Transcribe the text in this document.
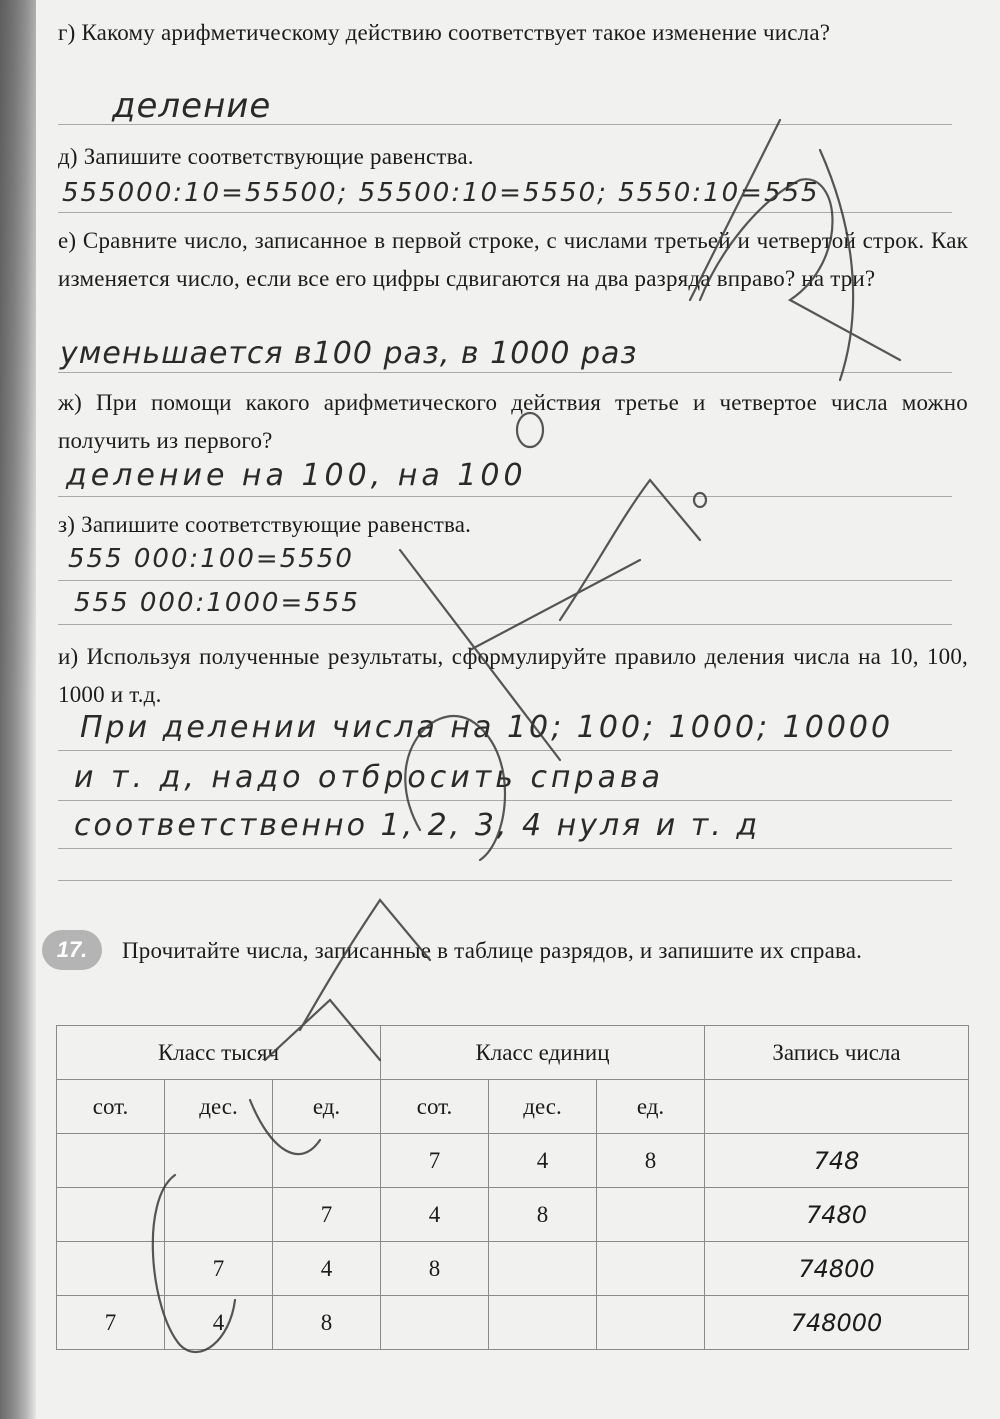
г) Какому арифметическому действию соответствует такое изменение числа?
деление
д) Запишите соответствующие равенства.
555000:10=55500; 55500:10=5550; 5550:10=555
е) Сравните число, записанное в первой строке, с числами третьей и четвертой строк. Как изменяется число, если все его цифры сдвигаются на два разряда вправо? на три?
уменьшается в100 раз, в 1000 раз
ж) При помощи какого арифметического действия третье и четвертое числа можно получить из первого?
деление на 100, на 100
з) Запишите соответствующие равенства.
555 000:100=5550
555 000:1000=555
и) Используя полученные результаты, сформулируйте правило деления числа на 10, 100, 1000 и т.д.
При делении числа на 10; 100; 1000; 10000
и т. д, надо отбросить справа
соответственно 1, 2, 3, 4 нуля и т. д
17.	Прочитайте числа, записанные в таблице разрядов, и запишите их справа.
Класс тысяч			Класс единиц			Запись числа
сот.	дес.	ед.	сот.	дес.	ед.	
			7	4	8	748
		7	4	8		7480
	7	4	8			74800
7	4	8				748000
